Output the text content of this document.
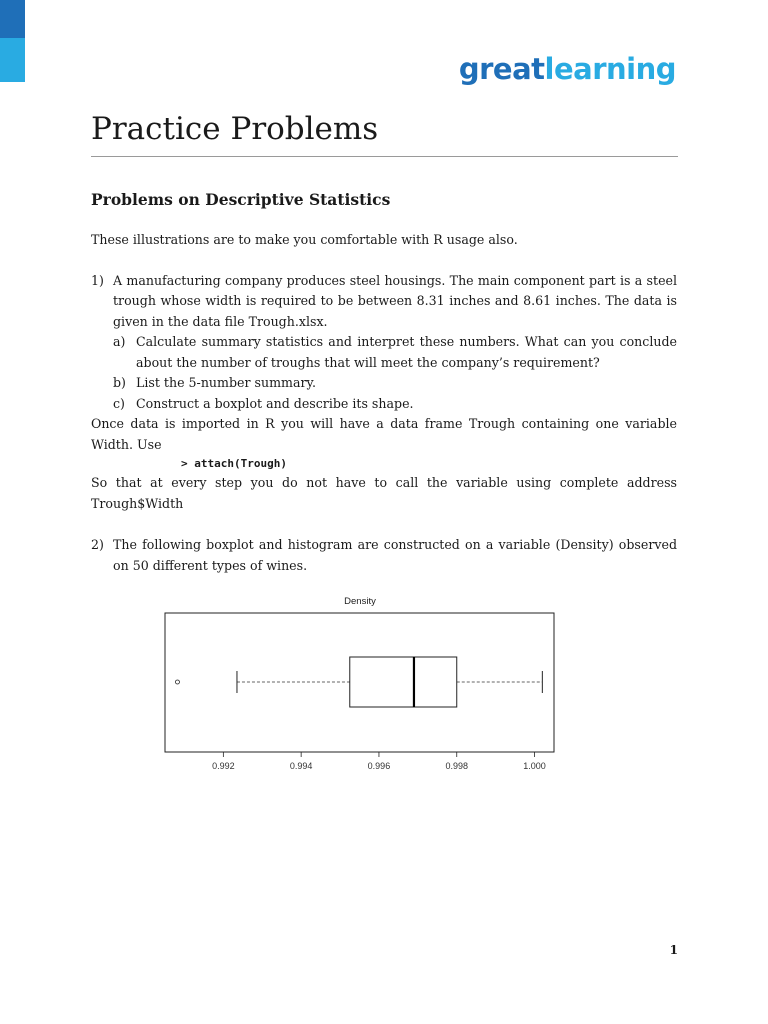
greatlearning
Practice Problems
Problems on Descriptive Statistics

These illustrations are to make you comfortable with R usage also.

1) A manufacturing company produces steel housings. The main component part is a steel trough whose width is required to be between 8.31 inches and 8.61 inches. The data is given in the data file Trough.xlsx.
a) Calculate summary statistics and interpret these numbers. What can you conclude about the number of troughs that will meet the company’s requirement?
b) List the 5-number summary.
c) Construct a boxplot and describe its shape.

Once data is imported in R you will have a data frame Trough containing one variable Width. Use

> attach(Trough)

So that at every step you do not have to call the variable using complete address Trough$Width

2) The following boxplot and histogram are constructed on a variable (Density) observed on 50 different types of wines.
Density
0.992	0.994	0.996	0.998	1.000
1
